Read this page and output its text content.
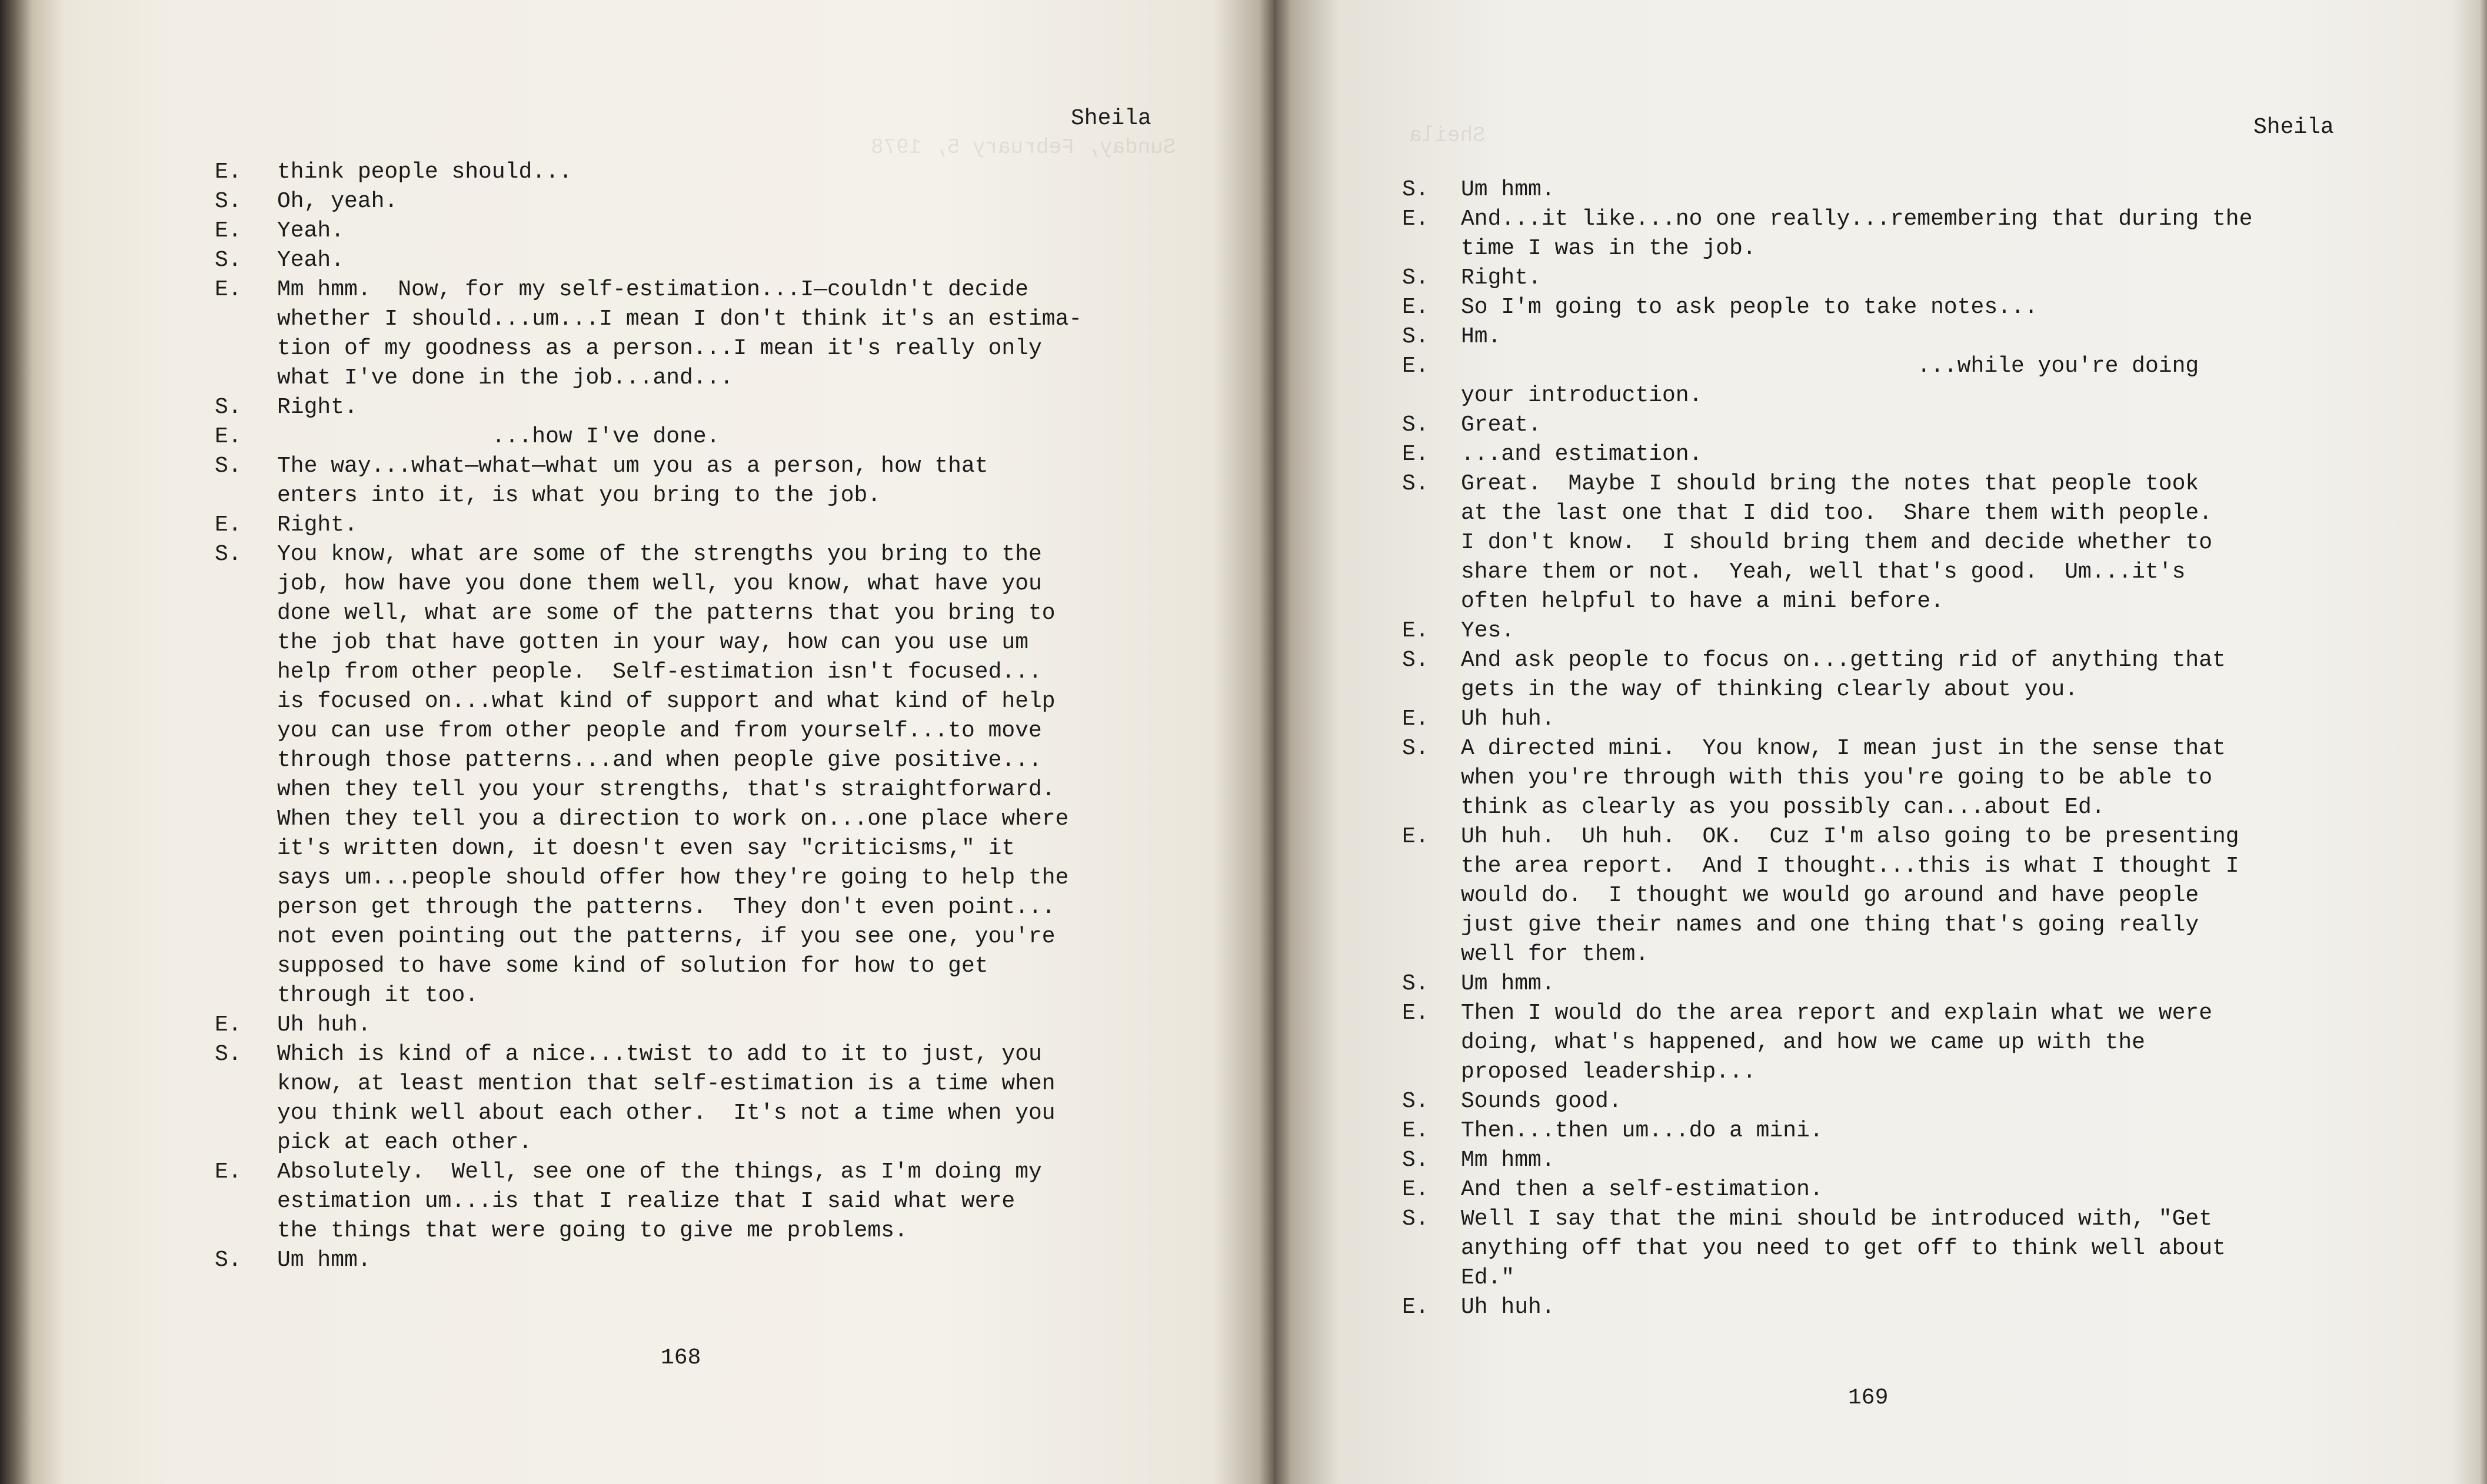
Sunday, February 5, 1978
Sheila
E. think people should...
S. Oh, yeah.
E. Yeah.
S. Yeah.
E. Mm hmm.  Now, for my self-estimation...I—couldn't decide
whether I should...um...I mean I don't think it's an estima-
tion of my goodness as a person...I mean it's really only
what I've done in the job...and...
S. Right.
E. ...how I've done.
S. The way...what—what—what um you as a person, how that
enters into it, is what you bring to the job.
E. Right.
S. You know, what are some of the strengths you bring to the
job, how have you done them well, you know, what have you
done well, what are some of the patterns that you bring to
the job that have gotten in your way, how can you use um
help from other people.  Self-estimation isn't focused...
is focused on...what kind of support and what kind of help
you can use from other people and from yourself...to move
through those patterns...and when people give positive...
when they tell you your strengths, that's straightforward.
When they tell you a direction to work on...one place where
it's written down, it doesn't even say "criticisms," it
says um...people should offer how they're going to help the
person get through the patterns.  They don't even point...
not even pointing out the patterns, if you see one, you're
supposed to have some kind of solution for how to get
through it too.
E. Uh huh.
S. Which is kind of a nice...twist to add to it to just, you
know, at least mention that self-estimation is a time when
you think well about each other.  It's not a time when you
pick at each other.
E. Absolutely.  Well, see one of the things, as I'm doing my
estimation um...is that I realize that I said what were
the things that were going to give me problems.
S. Um hmm.
168
Sheila	Sheila
S. Um hmm.
E. And...it like...no one really...remembering that during the
time I was in the job.
S. Right.
E. So I'm going to ask people to take notes...
S. Hm.
E. ...while you're doing
your introduction.
S. Great.
E. ...and estimation.
S. Great.  Maybe I should bring the notes that people took
at the last one that I did too.  Share them with people.
I don't know.  I should bring them and decide whether to
share them or not.  Yeah, well that's good.  Um...it's
often helpful to have a mini before.
E. Yes.
S. And ask people to focus on...getting rid of anything that
gets in the way of thinking clearly about you.
E. Uh huh.
S. A directed mini.  You know, I mean just in the sense that
when you're through with this you're going to be able to
think as clearly as you possibly can...about Ed.
E. Uh huh.  Uh huh.  OK.  Cuz I'm also going to be presenting
the area report.  And I thought...this is what I thought I
would do.  I thought we would go around and have people
just give their names and one thing that's going really
well for them.
S. Um hmm.
E. Then I would do the area report and explain what we were
doing, what's happened, and how we came up with the
proposed leadership...
S. Sounds good.
E. Then...then um...do a mini.
S. Mm hmm.
E. And then a self-estimation.
S. Well I say that the mini should be introduced with, "Get
anything off that you need to get off to think well about
Ed."
E. Uh huh.
169
